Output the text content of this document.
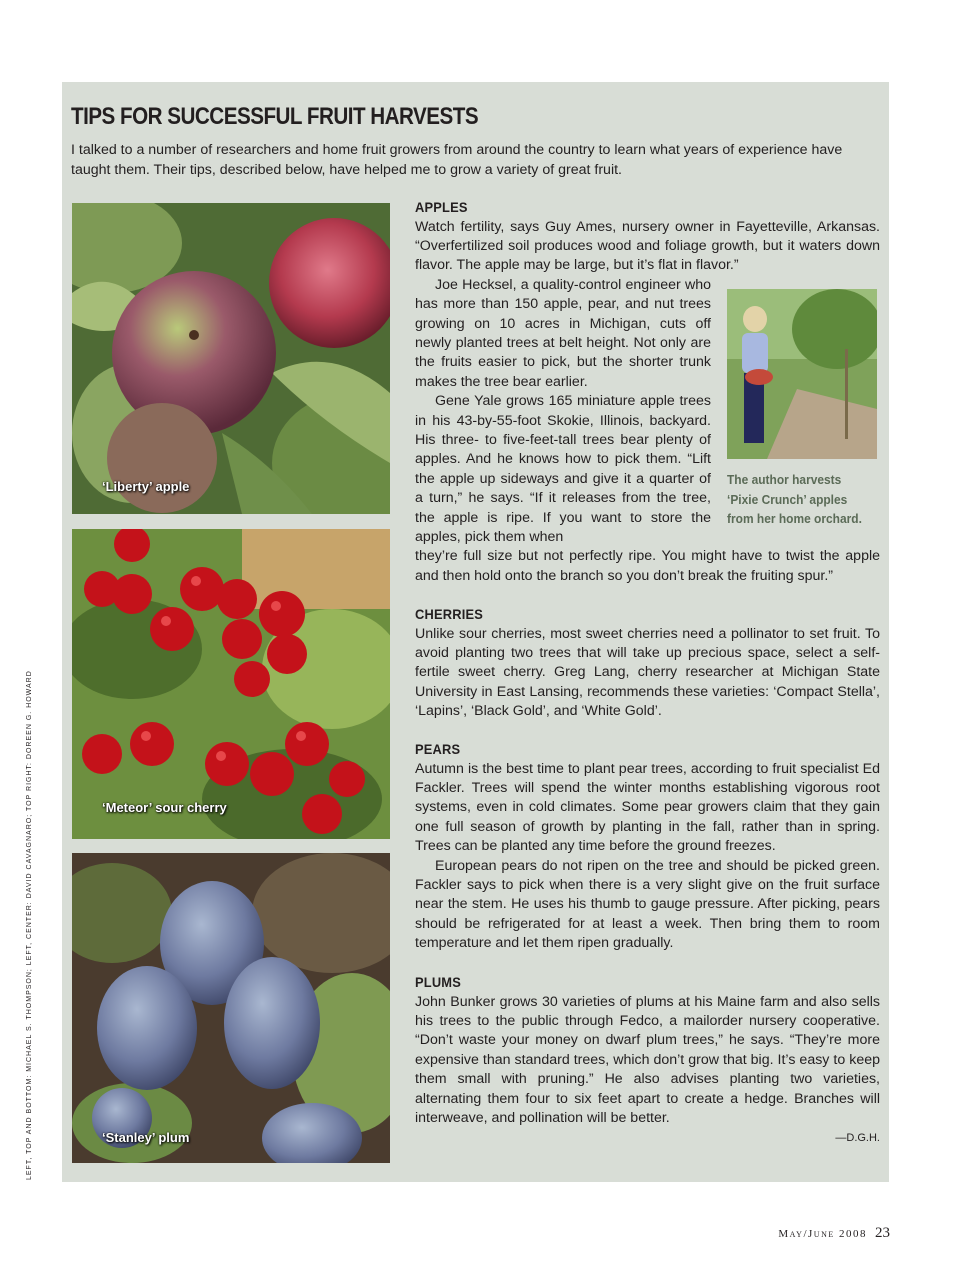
TIPS FOR SUCCESSFUL FRUIT HARVESTS

I talked to a number of researchers and home fruit growers from around the country to learn what years of experience have taught them. Their tips, described below, have helped me to grow a variety of great fruit.

‘Liberty’ apple
‘Meteor’ sour cherry
‘Stanley’ plum
APPLES

Watch fertility, says Guy Ames, nursery owner in Fayetteville, Arkansas. “Overfertilized soil produces wood and foliage growth, but it waters down flavor. The apple may be large, but it’s flat in flavor.”

Joe Hecksel, a quality-control engineer who has more than 150 apple, pear, and nut trees growing on 10 acres in Michigan, cuts off newly planted trees at belt height. Not only are the fruits easier to pick, but the shorter trunk makes the tree bear earlier.

Gene Yale grows 165 miniature apple trees in his 43-by-55-foot Skokie, Illinois, backyard. His three- to five-feet-tall trees bear plenty of apples. And he knows how to pick them. “Lift the apple up sideways and give it a quarter of a turn,” he says. “If it releases from the tree, the apple is ripe. If you want to store the apples, pick them when

they’re full size but not perfectly ripe. You might have to twist the apple and then hold onto the branch so you don’t break the fruiting spur.”

The author harvests ‘Pixie Crunch’ apples from her home orchard.

CHERRIES

Unlike sour cherries, most sweet cherries need a pollinator to set fruit. To avoid planting two trees that will take up precious space, select a self-fertile sweet cherry. Greg Lang, cherry researcher at Michigan State University in East Lansing, recommends these varieties: ‘Compact Stella’, ‘Lapins’, ‘Black Gold’, and ‘White Gold’.

PEARS

Autumn is the best time to plant pear trees, according to fruit specialist Ed Fackler. Trees will spend the winter months establishing vigorous root systems, even in cold climates. Some pear growers claim that they gain one full season of growth by planting in the fall, rather than in spring. Trees can be planted any time before the ground freezes.

European pears do not ripen on the tree and should be picked green. Fackler says to pick when there is a very slight give on the fruit surface near the stem. He uses his thumb to gauge pressure. After picking, pears should be refrigerated for at least a week. Then bring them to room temperature and let them ripen gradually.

PLUMS

John Bunker grows 30 varieties of plums at his Maine farm and also sells his trees to the public through Fedco, a mailorder nursery cooperative. “Don’t waste your money on dwarf plum trees,” he says. “They’re more expensive than standard trees, which don’t grow that big. It’s easy to keep them small with pruning.” He also advises planting two varieties, alternating them four to six feet apart to create a hedge. Branches will interweave, and pollination will be better.

—D.G.H.
LEFT, TOP AND BOTTOM: MICHAEL S. THOMPSON; LEFT, CENTER: DAVID CAVAGNARO; TOP RIGHT: DOREEN G. HOWARD
May/June 2008 23
